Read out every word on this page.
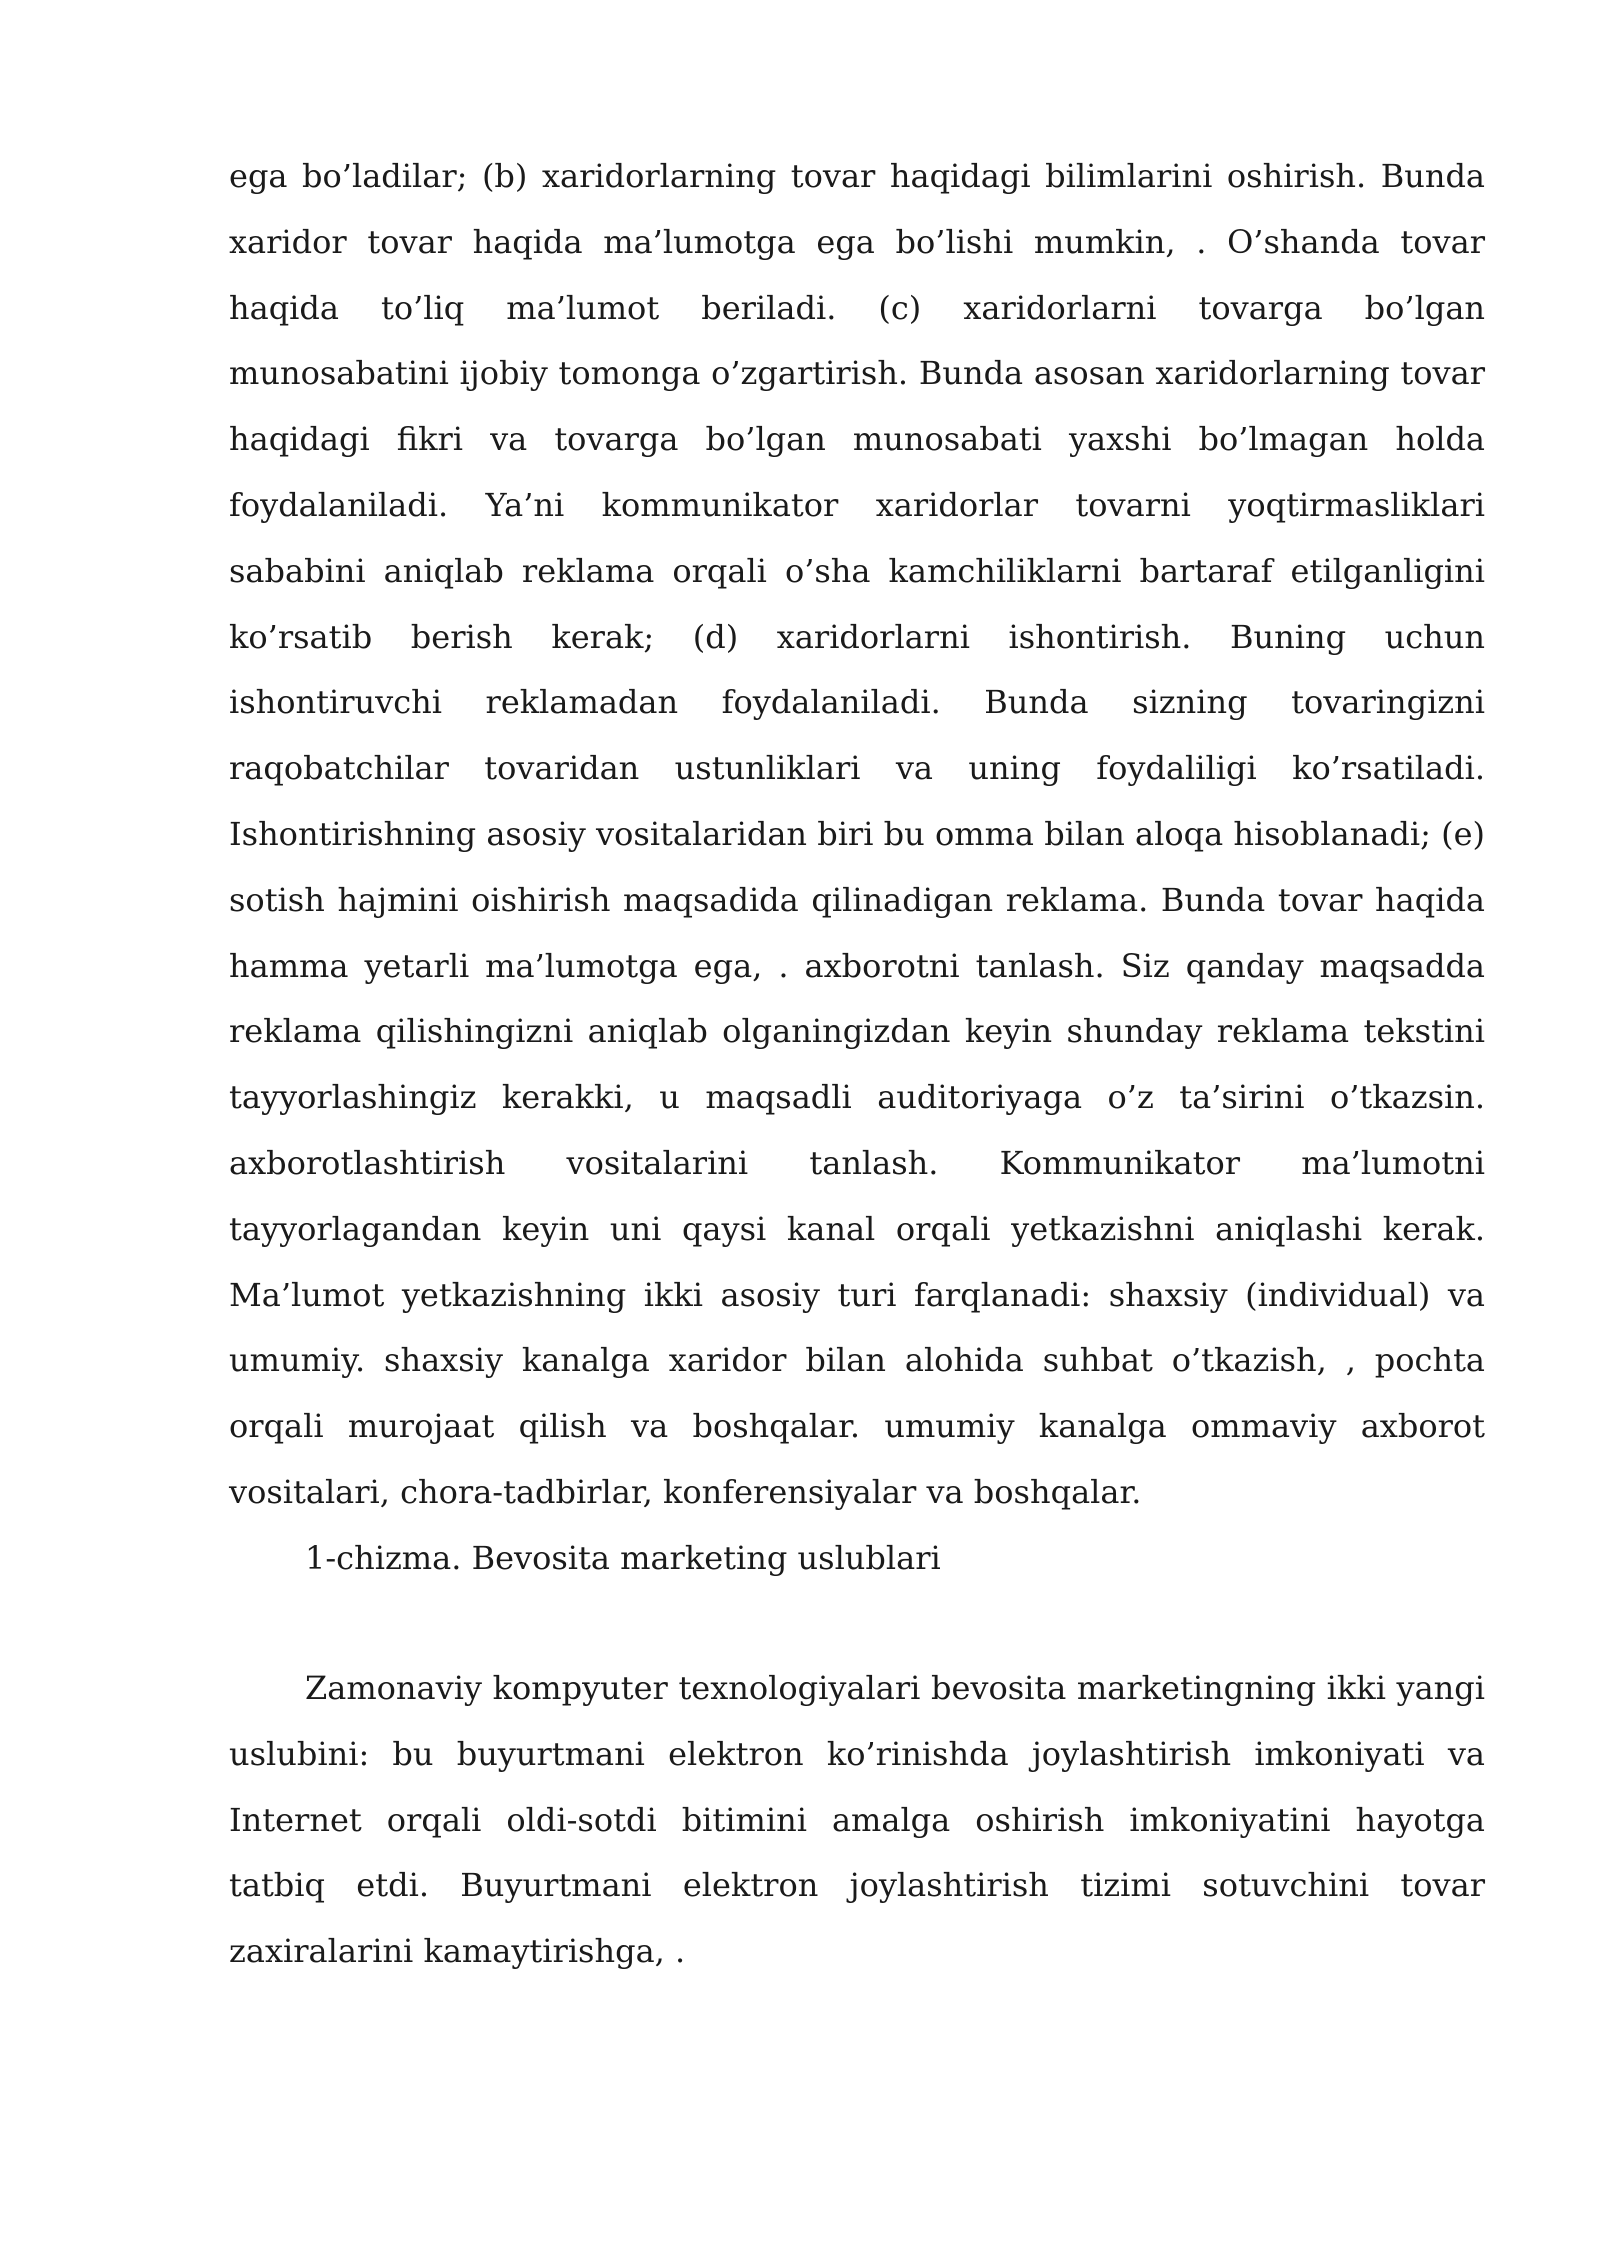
ega bo’ladilar; (b) xaridorlarning tovar haqidagi bilimlarini oshirish. Bunda xaridor tovar haqida ma’lumotga ega bo’lishi mumkin, . O’shanda tovar haqida to’liq ma’lumot beriladi. (c) xaridorlarni tovarga bo’lgan munosabatini ijobiy tomonga o’zgartirish. Bunda asosan xaridorlarning tovar haqidagi fikri va tovarga bo’lgan munosabati yaxshi bo’lmagan holda foydalaniladi. Ya’ni kommunikator xaridorlar tovarni yoqtirmasliklari sababini aniqlab reklama orqali o’sha kamchiliklarni bartaraf etilganligini ko’rsatib berish kerak; (d) xaridorlarni ishontirish. Buning uchun ishontiruvchi reklamadan foydalaniladi. Bunda sizning tovaringizni raqobatchilar tovaridan ustunliklari va uning foydaliligi ko’rsatiladi. Ishontirishning asosiy vositalaridan biri bu omma bilan aloqa hisoblanadi; (e) sotish hajmini oishirish maqsadida qilinadigan reklama. Bunda tovar haqida hamma yetarli ma’lumotga ega, . axborotni tanlash. Siz qanday maqsadda reklama qilishingizni aniqlab olganingizdan keyin shunday reklama tekstini tayyorlashingiz kerakki, u maqsadli auditoriyaga o’z ta’sirini o’tkazsin. axborotlashtirish vositalarini tanlash. Kommunikator ma’lumotni tayyorlagandan keyin uni qaysi kanal orqali yetkazishni aniqlashi kerak. Ma’lumot yetkazishning ikki asosiy turi farqlanadi: shaxsiy (individual) va umumiy. shaxsiy kanalga xaridor bilan alohida suhbat o’tkazish, , pochta orqali murojaat qilish va boshqalar. umumiy kanalga ommaviy axborot vositalari, chora-tadbirlar, konferensiyalar va boshqalar.

1-chizma. Bevosita marketing uslublari

Zamonaviy kompyuter texnologiyalari bevosita marketingning ikki yangi uslubini: bu buyurtmani elektron ko’rinishda joylashtirish imkoniyati va Internet orqali oldi-sotdi bitimini amalga oshirish imkoniyatini hayotga tatbiq etdi. Buyurtmani elektron joylashtirish tizimi sotuvchini tovar zaxiralarini kamaytirishga, .
